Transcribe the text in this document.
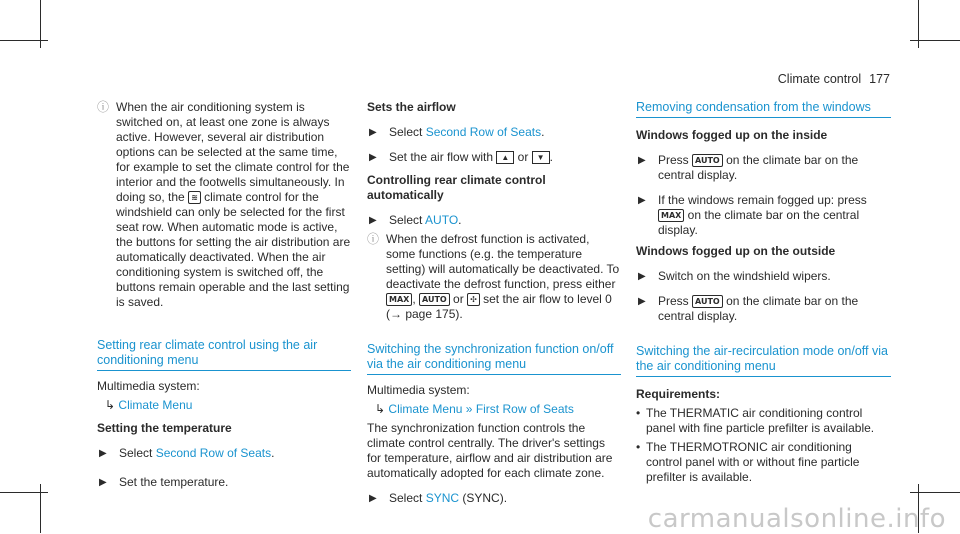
Climate control 177
ⓘ When the air conditioning system is switched on, at least one zone is always active. However, several air distribution options can be selected at the same time, for example to set the climate control for the interior and the footwells simultaneously. In doing so, the ≋ climate control for the windshield can only be selected for the first seat row. When automatic mode is active, the buttons for setting the air distribution are automatically deactivated. When the air conditioning system is switched off, the buttons remain operable and the last setting is saved.
Setting rear climate control using the air conditioning menu
Multimedia system:
↳ Climate Menu
Setting the temperature
▶ Select Second Row of Seats.
▶ Set the temperature.
Sets the airflow
▶ Select Second Row of Seats.
▶ Set the air flow with ▲ or ▼ .
Controlling rear climate control automatically
▶ Select AUTO.
ⓘ When the defrost function is activated, some functions (e.g. the temperature setting) will automatically be deactivated. To deactivate the defrost function, press either MAX , AUTO or ✣ set the air flow to level 0 (→ page 175).
Switching the synchronization function on/off via the air conditioning menu
Multimedia system:
↳ Climate Menu » First Row of Seats
The synchronization function controls the climate control centrally. The driver's settings for temperature, airflow and air distribution are automatically adopted for each climate zone.
▶ Select SYNC (SYNC).
Removing condensation from the windows
Windows fogged up on the inside
▶ Press AUTO on the climate bar on the central display.
▶ If the windows remain fogged up: press MAX on the climate bar on the central display.
Windows fogged up on the outside
▶ Switch on the windshield wipers.
▶ Press AUTO on the climate bar on the central display.
Switching the air-recirculation mode on/off via the air conditioning menu
Requirements:
• The THERMATIC air conditioning control panel with fine particle prefilter is available.
• The THERMOTRONIC air conditioning control panel with or without fine particle prefilter is available.
carmanualsonline.info
